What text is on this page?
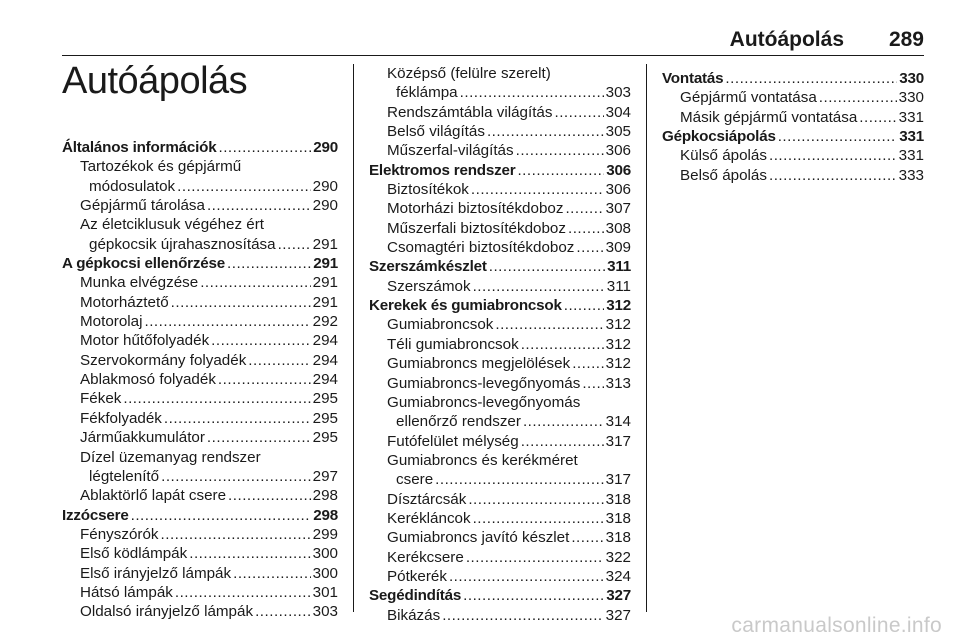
Autóápolás 289
Autóápolás
Általános információk .....	290
Tartozékok és gépjármű
módosulatok .....	290
Gépjármű tárolása .....	290
Az életciklusuk végéhez ért
gépkocsik újrahasznosítása ..... 291
A gépkocsi ellenőrzése .....	291
Munka elvégzése .....	291
Motorháztető .....	291
Motorolaj .....	292
Motor hűtőfolyadék .....	294
Szervokormány folyadék .....	294
Ablakmosó folyadék .....	294
Fékek .....	295
Fékfolyadék .....	295
Járműakkumulátor .....	295
Dízel üzemanyag rendszer
légtelenítő .....	297
Ablaktörlő lapát csere .....	298
Izzócsere .....	298
Fényszórók .....	299
Első ködlámpák .....	300
Első irányjelző lámpák .....	300
Hátsó lámpák .....	301
Oldalsó irányjelző lámpák .....	303
Középső (felülre szerelt)
féklámpa .....	303
Rendszámtábla világítás .....	304
Belső világítás .....	305
Műszerfal-világítás .....	306
Elektromos rendszer .....	306
Biztosítékok .....	306
Motorházi biztosítékdoboz .....	307
Műszerfali biztosítékdoboz .....	308
Csomagtéri biztosítékdoboz ..... 309
Szerszámkészlet .....	311
Szerszámok .....	311
Kerekek és gumiabroncsok .....	312
Gumiabroncsok .....	312
Téli gumiabroncsok .....	312
Gumiabroncs megjelölések ..... 312
Gumiabroncs-levegőnyomás ..... 313
Gumiabroncs-levegőnyomás
ellenőrző rendszer .....	314
Futófelület mélység .....	317
Gumiabroncs és kerékméret
csere .....	317
Dísztárcsák .....	318
Kerékláncok .....	318
Gumiabroncs javító készlet ..... 318
Kerékcsere .....	322
Pótkerék .....	324
Segédindítás .....	327
Bikázás .....	327
Vontatás .....	330
Gépjármű vontatása .....	330
Másik gépjármű vontatása .....	331
Gépkocsiápolás .....	331
Külső ápolás .....	331
Belső ápolás .....	333
carmanualsonline.info
